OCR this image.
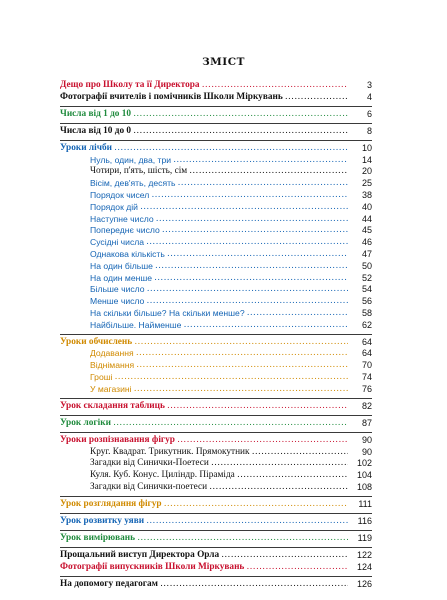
ЗМІСТ
Дещо про Школу та її Директора …………………………………………………………………………………………………………………………………………………………………………………	3
Фотографії вчителів і помічників Школи Міркувань …………………………………………………………………………………………………………………………………………………………………………………	4
Числа від 1 до 10 …………………………………………………………………………………………………………………………………………………………………………………	6
Числа від 10 до 0 …………………………………………………………………………………………………………………………………………………………………………………	8
Уроки лічби …………………………………………………………………………………………………………………………………………………………………………………	10
Нуль, один, два, три …………………………………………………………………………………………………………………………………………………………………………………	14
Чотири, п'ять, шість, сім …………………………………………………………………………………………………………………………………………………………………………………	20
Вісім, дев'ять, десять …………………………………………………………………………………………………………………………………………………………………………………	25
Порядок чисел …………………………………………………………………………………………………………………………………………………………………………………	38
Порядок дій …………………………………………………………………………………………………………………………………………………………………………………	40
Наступне число …………………………………………………………………………………………………………………………………………………………………………………	44
Попереднє число …………………………………………………………………………………………………………………………………………………………………………………	45
Сусідні числа …………………………………………………………………………………………………………………………………………………………………………………	46
Однакова кількість …………………………………………………………………………………………………………………………………………………………………………………	47
На один більше …………………………………………………………………………………………………………………………………………………………………………………	50
На один менше …………………………………………………………………………………………………………………………………………………………………………………	52
Більше число …………………………………………………………………………………………………………………………………………………………………………………	54
Менше число …………………………………………………………………………………………………………………………………………………………………………………	56
На скільки більше? На скільки менше? …………………………………………………………………………………………………………………………………………………………………………………	58
Найбільше. Найменше …………………………………………………………………………………………………………………………………………………………………………………	62
Уроки обчислень …………………………………………………………………………………………………………………………………………………………………………………	64
Додавання …………………………………………………………………………………………………………………………………………………………………………………	64
Віднімання …………………………………………………………………………………………………………………………………………………………………………………	70
Гроші …………………………………………………………………………………………………………………………………………………………………………………	74
У магазині …………………………………………………………………………………………………………………………………………………………………………………	76
Урок складання таблиць …………………………………………………………………………………………………………………………………………………………………………………	82
Урок логіки …………………………………………………………………………………………………………………………………………………………………………………	87
Уроки розпізнавання фігур …………………………………………………………………………………………………………………………………………………………………………………	90
Круг. Квадрат. Трикутник. Прямокутник …………………………………………………………………………………………………………………………………………………………………………………	90
Загадки від Синички-Поетеси …………………………………………………………………………………………………………………………………………………………………………………	102
Куля. Куб. Конус. Циліндр. Піраміда …………………………………………………………………………………………………………………………………………………………………………………	104
Загадки від Синички-поетеси …………………………………………………………………………………………………………………………………………………………………………………	108
Урок розглядання фігур …………………………………………………………………………………………………………………………………………………………………………………	111
Урок розвитку уяви …………………………………………………………………………………………………………………………………………………………………………………	116
Урок вимірювань …………………………………………………………………………………………………………………………………………………………………………………	119
Прощальний виступ Директора Орла …………………………………………………………………………………………………………………………………………………………………………………	122
Фотографії випускників Школи Міркувань …………………………………………………………………………………………………………………………………………………………………………………	124
На допомогу педагогам …………………………………………………………………………………………………………………………………………………………………………………	126
